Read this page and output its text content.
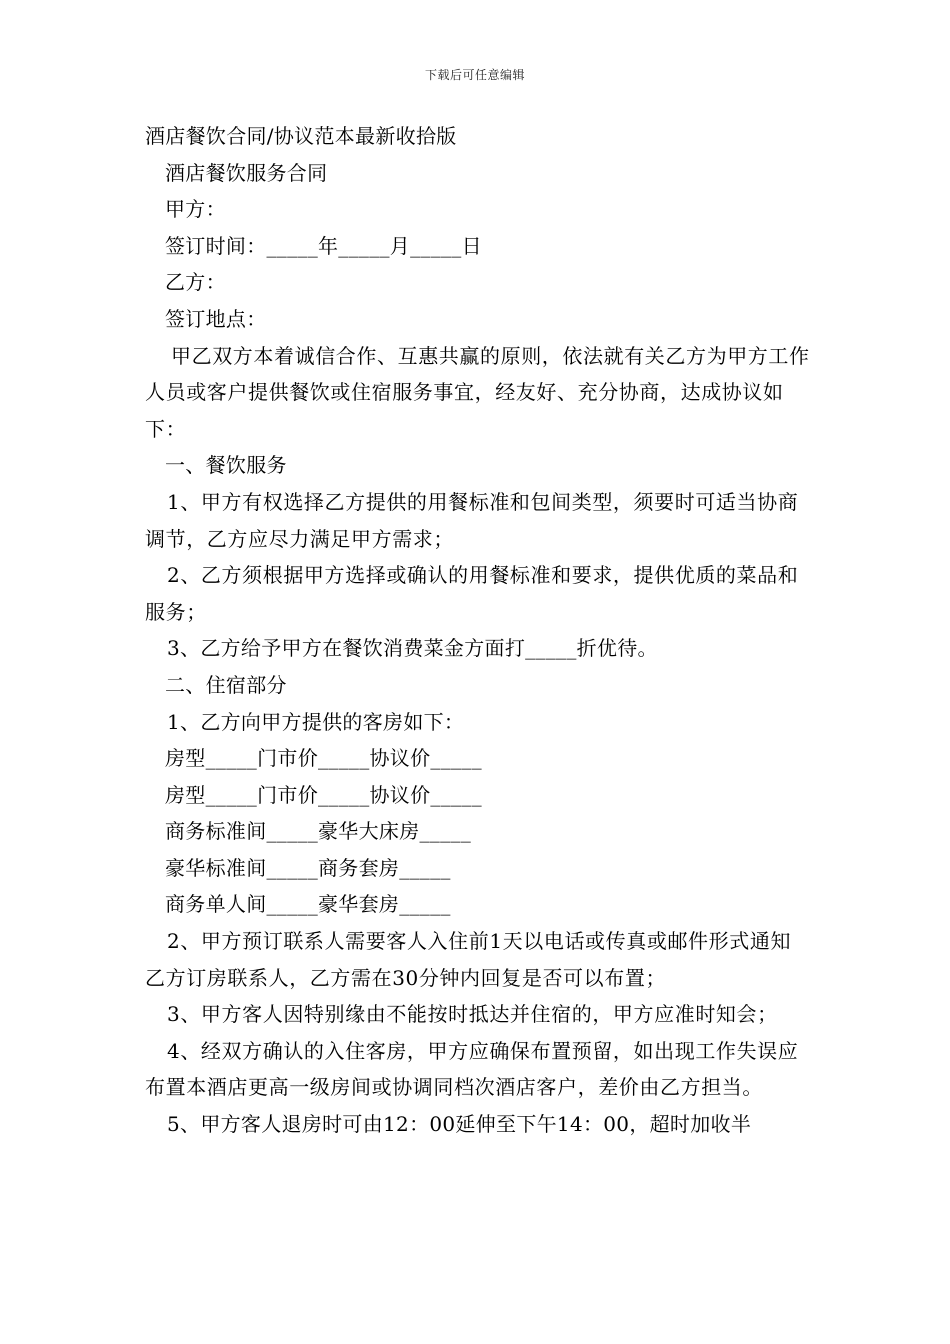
下载后可任意编辑
酒店餐饮合同/协议范本最新收拾版
酒店餐饮服务合同
甲方：
签订时间：_____年_____月_____日
乙方：
签订地点：
甲乙双方本着诚信合作、互惠共赢的原则，依法就有关乙方为甲方工作人员或客户提供餐饮或住宿服务事宜，经友好、充分协商，达成协议如下：
一、餐饮服务
1、甲方有权选择乙方提供的用餐标准和包间类型，须要时可适当协商调节，乙方应尽力满足甲方需求；
2、乙方须根据甲方选择或确认的用餐标准和要求，提供优质的菜品和服务；
3、乙方给予甲方在餐饮消费菜金方面打_____折优待。
二、住宿部分
1、乙方向甲方提供的客房如下：
房型_____门市价_____协议价_____
房型_____门市价_____协议价_____
商务标准间_____豪华大床房_____
豪华标准间_____商务套房_____
商务单人间_____豪华套房_____
2、甲方预订联系人需要客人入住前1天以电话或传真或邮件形式通知乙方订房联系人，乙方需在30分钟内回复是否可以布置；
3、甲方客人因特别缘由不能按时抵达并住宿的，甲方应准时知会；
4、经双方确认的入住客房，甲方应确保布置预留，如出现工作失误应布置本酒店更高一级房间或协调同档次酒店客户，差价由乙方担当。
5、甲方客人退房时可由12：00延伸至下午14：00，超时加收半
